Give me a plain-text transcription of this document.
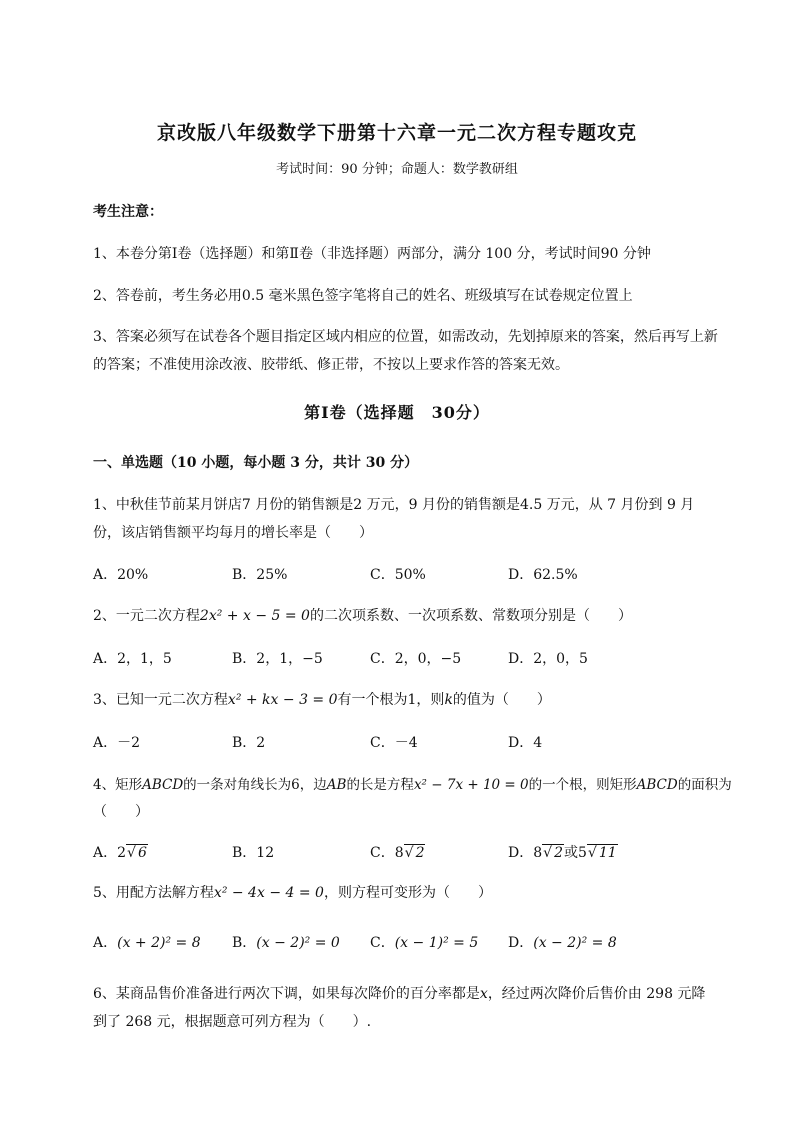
京改版八年级数学下册第十六章一元二次方程专题攻克
考试时间：90 分钟；命题人：数学教研组
考生注意：
1、本卷分第Ⅰ卷（选择题）和第Ⅱ卷（非选择题）两部分，满分 100 分，考试时间90 分钟
2、答卷前，考生务必用0.5 毫米黑色签字笔将自己的姓名、班级填写在试卷规定位置上
3、答案必须写在试卷各个题目指定区域内相应的位置，如需改动，先划掉原来的答案，然后再写上新
的答案；不准使用涂改液、胶带纸、修正带，不按以上要求作答的答案无效。
第Ⅰ卷（选择题　30分）
一、单选题（10 小题，每小题 3 分，共计 30 分）
1、中秋佳节前某月饼店7 月份的销售额是2 万元，9 月份的销售额是4.5 万元，从 7 月份到 9 月
份，该店销售额平均每月的增长率是（　　）
A．20%	B．25%	C．50%	D．62.5%
2、一元二次方程2x² + x − 5 = 0的二次项系数、一次项系数、常数项分别是（　　）
A．2，1，5	B．2，1，−5	C．2，0，−5	D．2，0，5
3、已知一元二次方程x² + kx − 3 = 0有一个根为1，则k的值为（　　）
A．－2	B．2	C．－4	D．4
4、矩形ABCD的一条对角线长为6，边AB的长是方程x² − 7x + 10 = 0的一个根，则矩形ABCD的面积为
（　　）
A．2√ 6	B．12	C．8√ 2	D．8√ 2或5√ 11
5、用配方法解方程x² − 4x − 4 = 0，则方程可变形为（　　）
A．(x + 2)² = 8 B．(x − 2)² = 0 C．(x − 1)² = 5 D．(x − 2)² = 8
6、某商品售价准备进行两次下调，如果每次降价的百分率都是x，经过两次降价后售价由 298 元降
到了 268 元，根据题意可列方程为（　　）.
